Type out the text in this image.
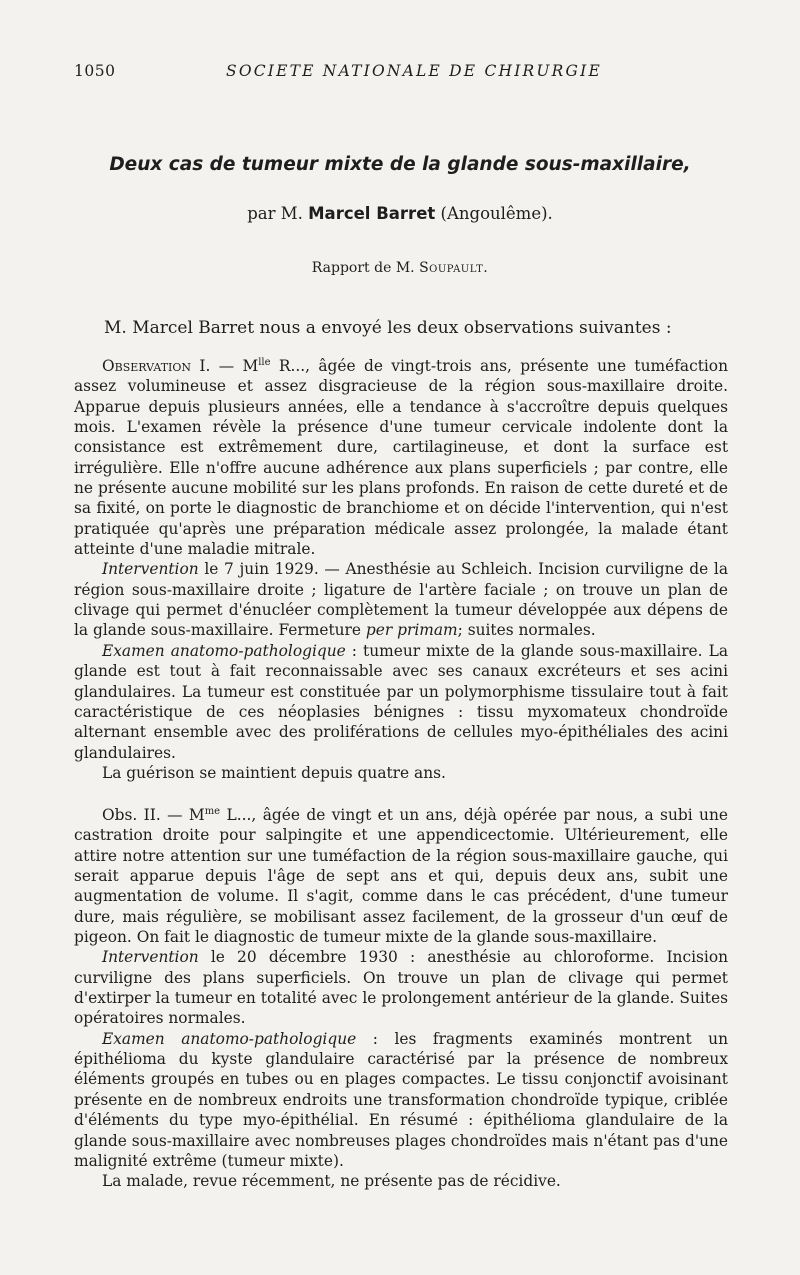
1050	SOCIETE NATIONALE DE CHIRURGIE
Deux cas de tumeur mixte de la glande sous-maxillaire,
par M. Marcel Barret (Angoulême).
Rapport de M. Soupault.
M. Marcel Barret nous a envoyé les deux observations suivantes :

Observation I. — $M^{lle}$ R..., âgée de vingt-trois ans, présente une tuméfaction assez volumineuse et assez disgracieuse de la région sous-maxillaire droite. Apparue depuis plusieurs années, elle a tendance à s'accroître depuis quelques mois. L'examen révèle la présence d'une tumeur cervicale indolente dont la consistance est extrêmement dure, cartilagineuse, et dont la surface est irrégulière. Elle n'offre aucune adhérence aux plans superficiels ; par contre, elle ne présente aucune mobilité sur les plans profonds. En raison de cette dureté et de sa fixité, on porte le diagnostic de branchiome et on décide l'intervention, qui n'est pratiquée qu'après une préparation médicale assez prolongée, la malade étant atteinte d'une maladie mitrale.

Intervention le 7 juin 1929. — Anesthésie au Schleich. Incision curviligne de la région sous-maxillaire droite ; ligature de l'artère faciale ; on trouve un plan de clivage qui permet d'énucléer complètement la tumeur développée aux dépens de la glande sous-maxillaire. Fermeture per primam; suites normales.

Examen anatomo-pathologique : tumeur mixte de la glande sous-maxillaire. La glande est tout à fait reconnaissable avec ses canaux excréteurs et ses acini glandulaires. La tumeur est constituée par un polymorphisme tissulaire tout à fait caractéristique de ces néoplasies bénignes : tissu myxomateux chondroïde alternant ensemble avec des proliférations de cellules myo-épithéliales des acini glandulaires.

La guérison se maintient depuis quatre ans.

Obs. II. — $M^{me}$ L..., âgée de vingt et un ans, déjà opérée par nous, a subi une castration droite pour salpingite et une appendicectomie. Ultérieurement, elle attire notre attention sur une tuméfaction de la région sous-maxillaire gauche, qui serait apparue depuis l'âge de sept ans et qui, depuis deux ans, subit une augmentation de volume. Il s'agit, comme dans le cas précédent, d'une tumeur dure, mais régulière, se mobilisant assez facilement, de la grosseur d'un œuf de pigeon. On fait le diagnostic de tumeur mixte de la glande sous-maxillaire.

Intervention le 20 décembre 1930 : anesthésie au chloroforme. Incision curviligne des plans superficiels. On trouve un plan de clivage qui permet d'extirper la tumeur en totalité avec le prolongement antérieur de la glande. Suites opératoires normales.

Examen anatomo-pathologique : les fragments examinés montrent un épithélioma du kyste glandulaire caractérisé par la présence de nombreux éléments groupés en tubes ou en plages compactes. Le tissu conjonctif avoisinant présente en de nombreux endroits une transformation chondroïde typique, criblée d'éléments du type myo-épithélial. En résumé : épithélioma glandulaire de la glande sous-maxillaire avec nombreuses plages chondroïdes mais n'étant pas d'une malignité extrême (tumeur mixte).

La malade, revue récemment, ne présente pas de récidive.
